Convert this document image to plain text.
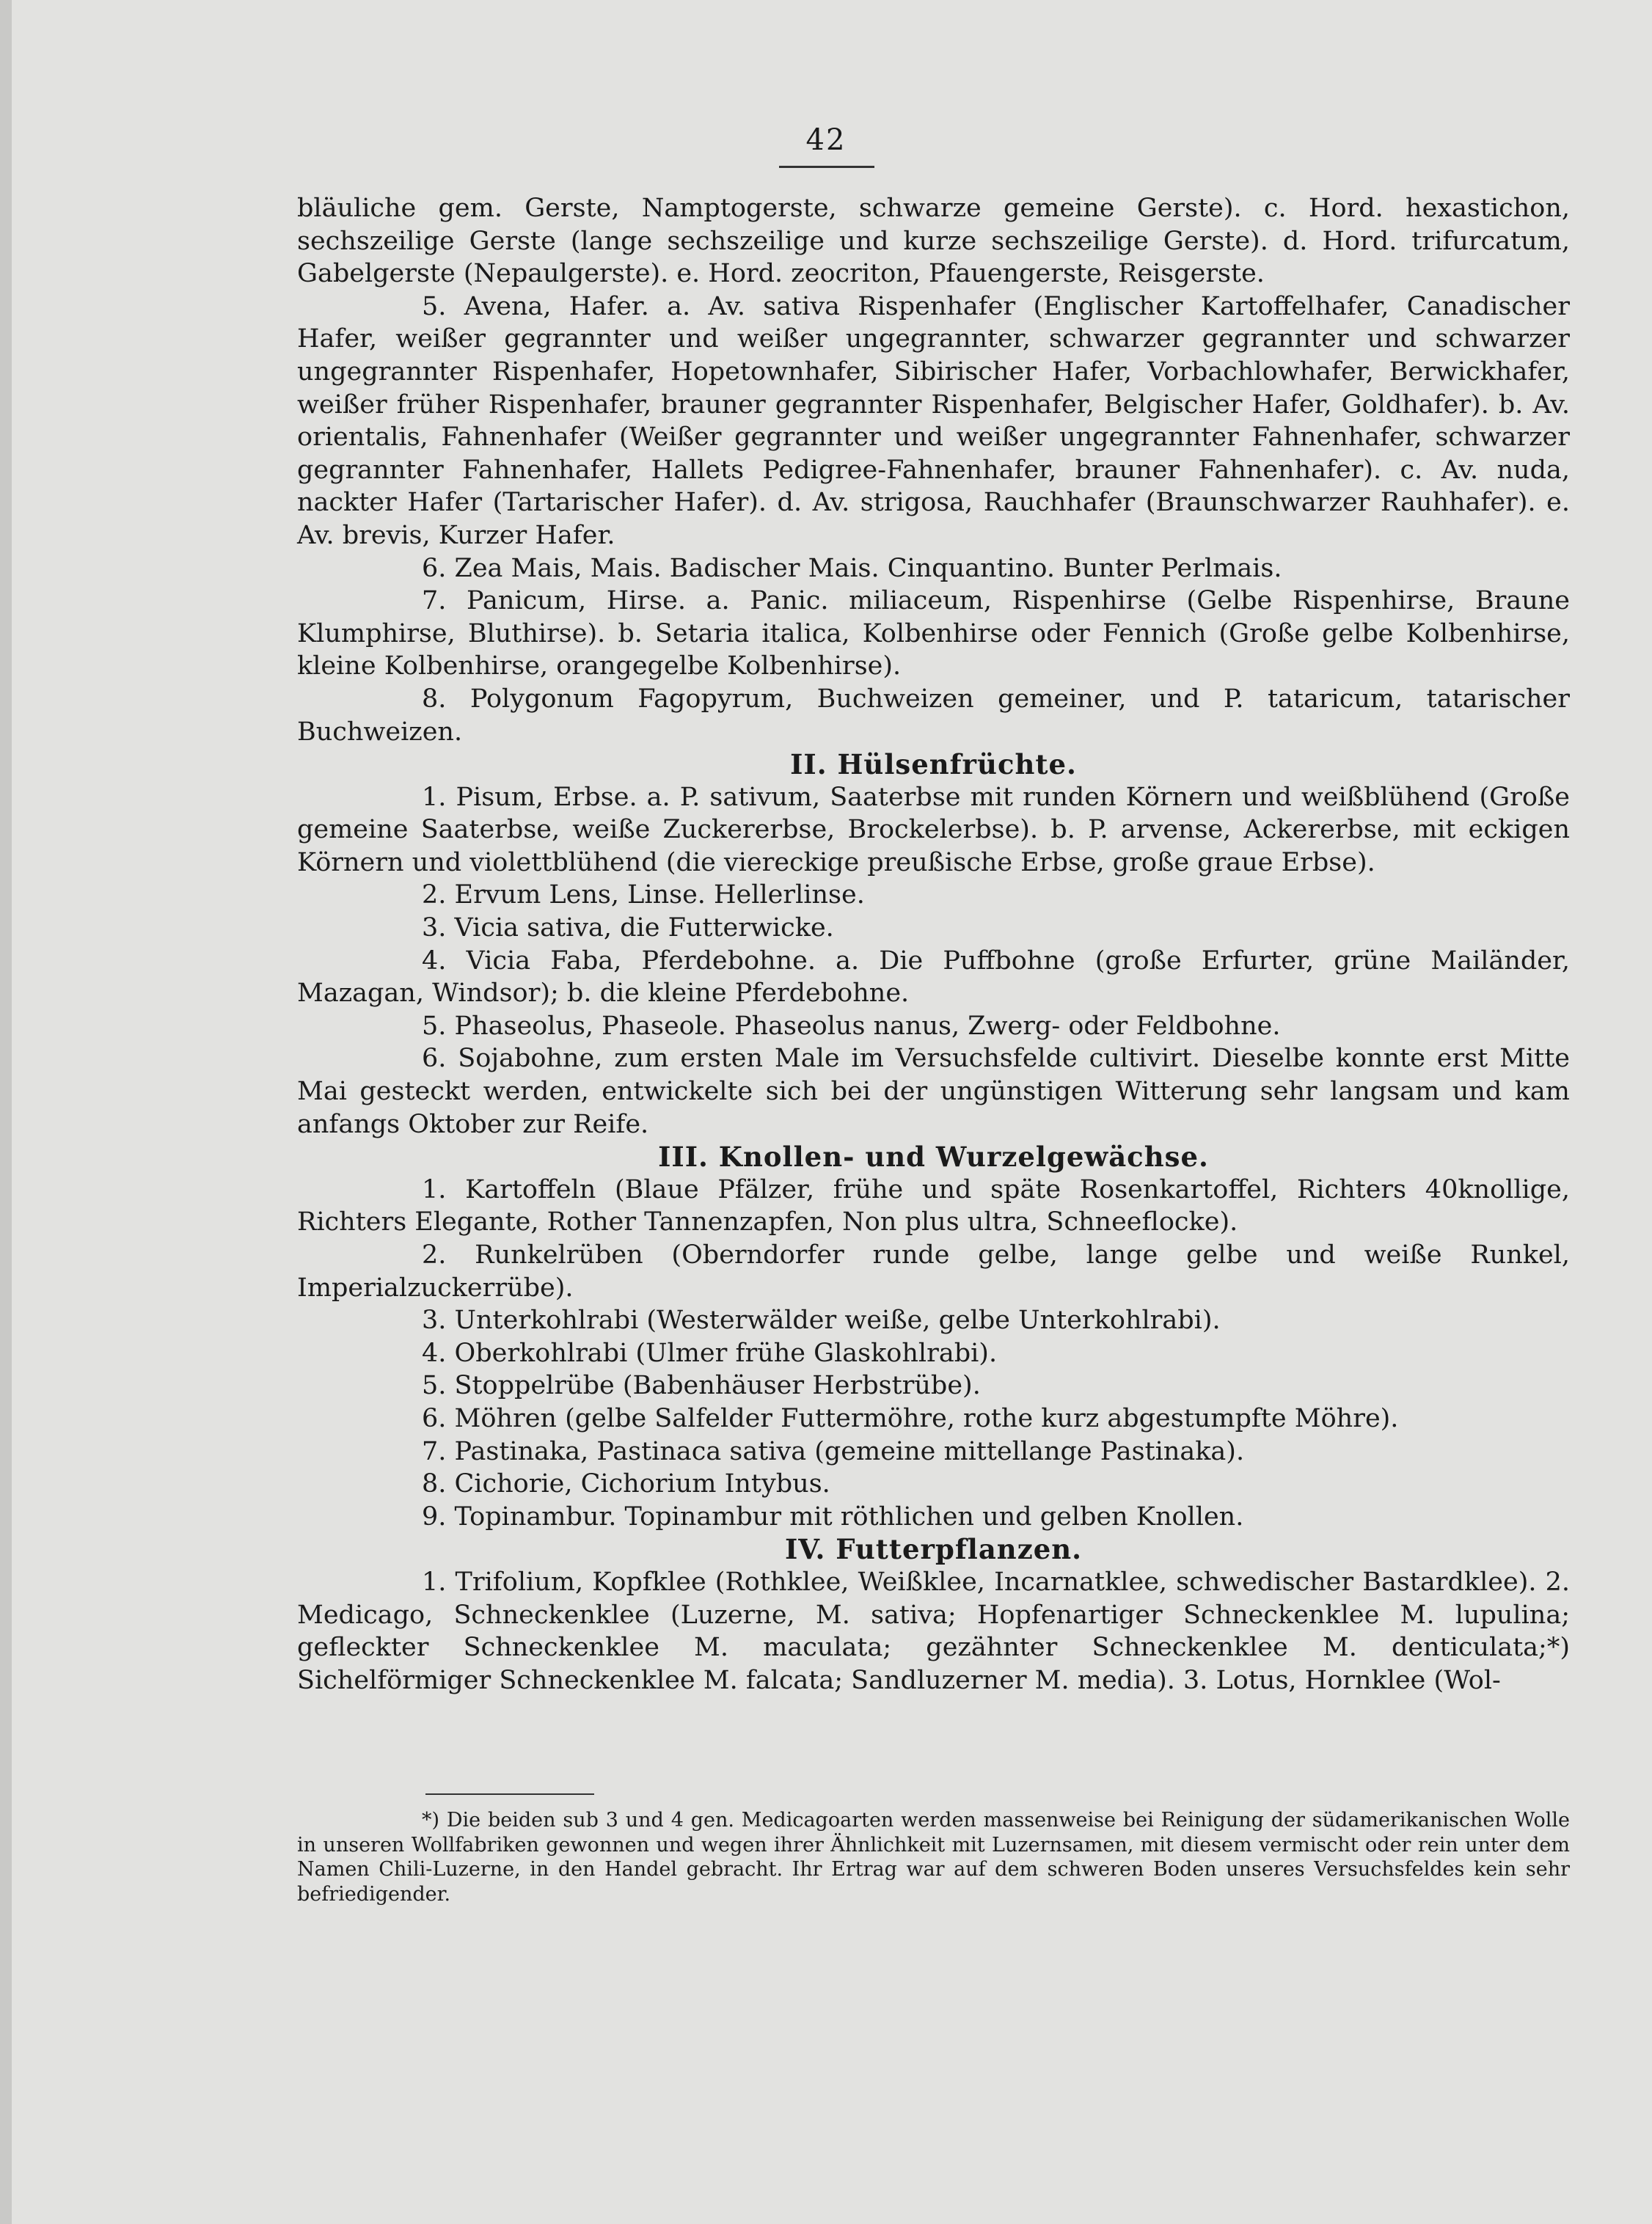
42

bläuliche gem. Gerste, Namptogerste, schwarze gemeine Gerste). c. Hord. hexastichon, sechszeilige Gerste (lange sechszeilige und kurze sechszeilige Gerste). d. Hord. trifurcatum, Gabelgerste (Nepaulgerste). e. Hord. zeocriton, Pfauengerste, Reisgerste.

5. Avena, Hafer. a. Av. sativa Rispenhafer (Englischer Kartoffelhafer, Canadischer Hafer, weißer gegrannter und weißer ungegrannter, schwarzer gegrannter und schwarzer ungegrannter Rispenhafer, Hopetownhafer, Sibirischer Hafer, Vorbachlowhafer, Berwickhafer, weißer früher Rispenhafer, brauner gegrannter Rispenhafer, Belgischer Hafer, Goldhafer). b. Av. orientalis, Fahnenhafer (Weißer gegrannter und weißer ungegrannter Fahnenhafer, schwarzer gegrannter Fahnenhafer, Hallets Pedigree-Fahnenhafer, brauner Fahnenhafer). c. Av. nuda, nackter Hafer (Tartarischer Hafer). d. Av. strigosa, Rauchhafer (Braunschwarzer Rauhhafer). e. Av. brevis, Kurzer Hafer.

6. Zea Mais, Mais. Badischer Mais. Cinquantino. Bunter Perlmais.

7. Panicum, Hirse. a. Panic. miliaceum, Rispenhirse (Gelbe Rispenhirse, Braune Klumphirse, Bluthirse). b. Setaria italica, Kolbenhirse oder Fennich (Große gelbe Kolbenhirse, kleine Kolbenhirse, orangegelbe Kolbenhirse).

8. Polygonum Fagopyrum, Buchweizen gemeiner, und P. tataricum, tatarischer Buchweizen.

II. Hülsenfrüchte.

1. Pisum, Erbse. a. P. sativum, Saaterbse mit runden Körnern und weißblühend (Große gemeine Saaterbse, weiße Zuckererbse, Brockelerbse). b. P. arvense, Ackererbse, mit eckigen Körnern und violettblühend (die viereckige preußische Erbse, große graue Erbse).

2. Ervum Lens, Linse. Hellerlinse.

3. Vicia sativa, die Futterwicke.

4. Vicia Faba, Pferdebohne. a. Die Puffbohne (große Erfurter, grüne Mailänder, Mazagan, Windsor); b. die kleine Pferdebohne.

5. Phaseolus, Phaseole. Phaseolus nanus, Zwerg- oder Feldbohne.

6. Sojabohne, zum ersten Male im Versuchsfelde cultivirt. Dieselbe konnte erst Mitte Mai gesteckt werden, entwickelte sich bei der ungünstigen Witterung sehr langsam und kam anfangs Oktober zur Reife.

III. Knollen- und Wurzelgewächse.

1. Kartoffeln (Blaue Pfälzer, frühe und späte Rosenkartoffel, Richters 40knollige, Richters Elegante, Rother Tannenzapfen, Non plus ultra, Schneeflocke).

2. Runkelrüben (Oberndorfer runde gelbe, lange gelbe und weiße Runkel, Imperialzuckerrübe).

3. Unterkohlrabi (Westerwälder weiße, gelbe Unterkohlrabi).

4. Oberkohlrabi (Ulmer frühe Glaskohlrabi).

5. Stoppelrübe (Babenhäuser Herbstrübe).

6. Möhren (gelbe Salfelder Futtermöhre, rothe kurz abgestumpfte Möhre).

7. Pastinaka, Pastinaca sativa (gemeine mittellange Pastinaka).

8. Cichorie, Cichorium Intybus.

9. Topinambur. Topinambur mit röthlichen und gelben Knollen.

IV. Futterpflanzen.

1. Trifolium, Kopfklee (Rothklee, Weißklee, Incarnatklee, schwedischer Bastardklee). 2. Medicago, Schneckenklee (Luzerne, M. sativa; Hopfenartiger Schneckenklee M. lupulina; gefleckter Schneckenklee M. maculata; gezähnter Schneckenklee M. denticulata;*) Sichelförmiger Schneckenklee M. falcata; Sandluzerner M. media). 3. Lotus, Hornklee (Wol-

*) Die beiden sub 3 und 4 gen. Medicagoarten werden massenweise bei Reinigung der südamerikanischen Wolle in unseren Wollfabriken gewonnen und wegen ihrer Ähnlichkeit mit Luzernsamen, mit diesem vermischt oder rein unter dem Namen Chili-Luzerne, in den Handel gebracht. Ihr Ertrag war auf dem schweren Boden unseres Versuchsfeldes kein sehr befriedigender.
